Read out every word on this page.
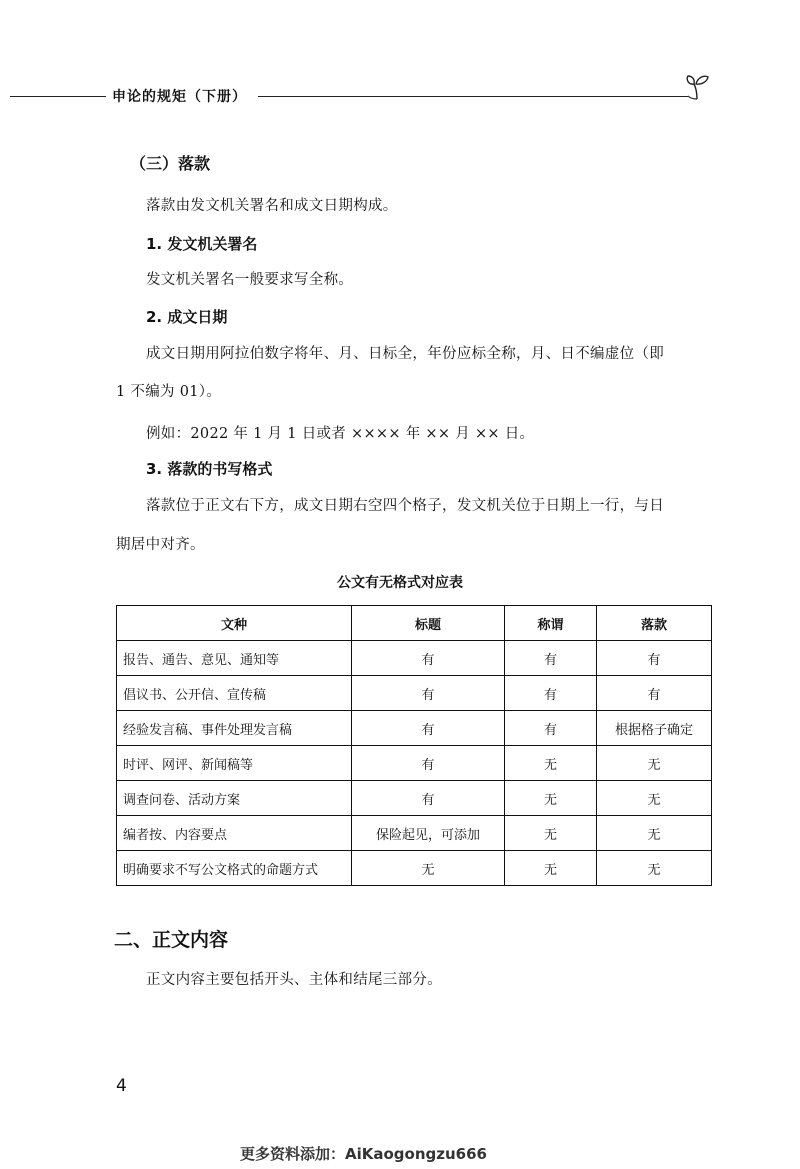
申论的规矩（下册）
（三）落款
落款由发文机关署名和成文日期构成。
1. 发文机关署名
发文机关署名一般要求写全称。
2. 成文日期
成文日期用阿拉伯数字将年、月、日标全，年份应标全称，月、日不编虚位（即
1 不编为 01）。
例如：2022 年 1 月 1 日或者 ×××× 年 ×× 月 ×× 日。
3. 落款的书写格式
落款位于正文右下方，成文日期右空四个格子，发文机关位于日期上一行，与日
期居中对齐。
公文有无格式对应表
文种	标题	称谓	落款
报告、通告、意见、通知等	有	有	有
倡议书、公开信、宣传稿	有	有	有
经验发言稿、事件处理发言稿	有	有	根据格子确定
时评、网评、新闻稿等	有	无	无
调查问卷、活动方案	有	无	无
编者按、内容要点	保险起见，可添加	无	无
明确要求不写公文格式的命题方式	无	无	无
二、正文内容
正文内容主要包括开头、主体和结尾三部分。
4
更多资料添加：AiKaogongzu666
